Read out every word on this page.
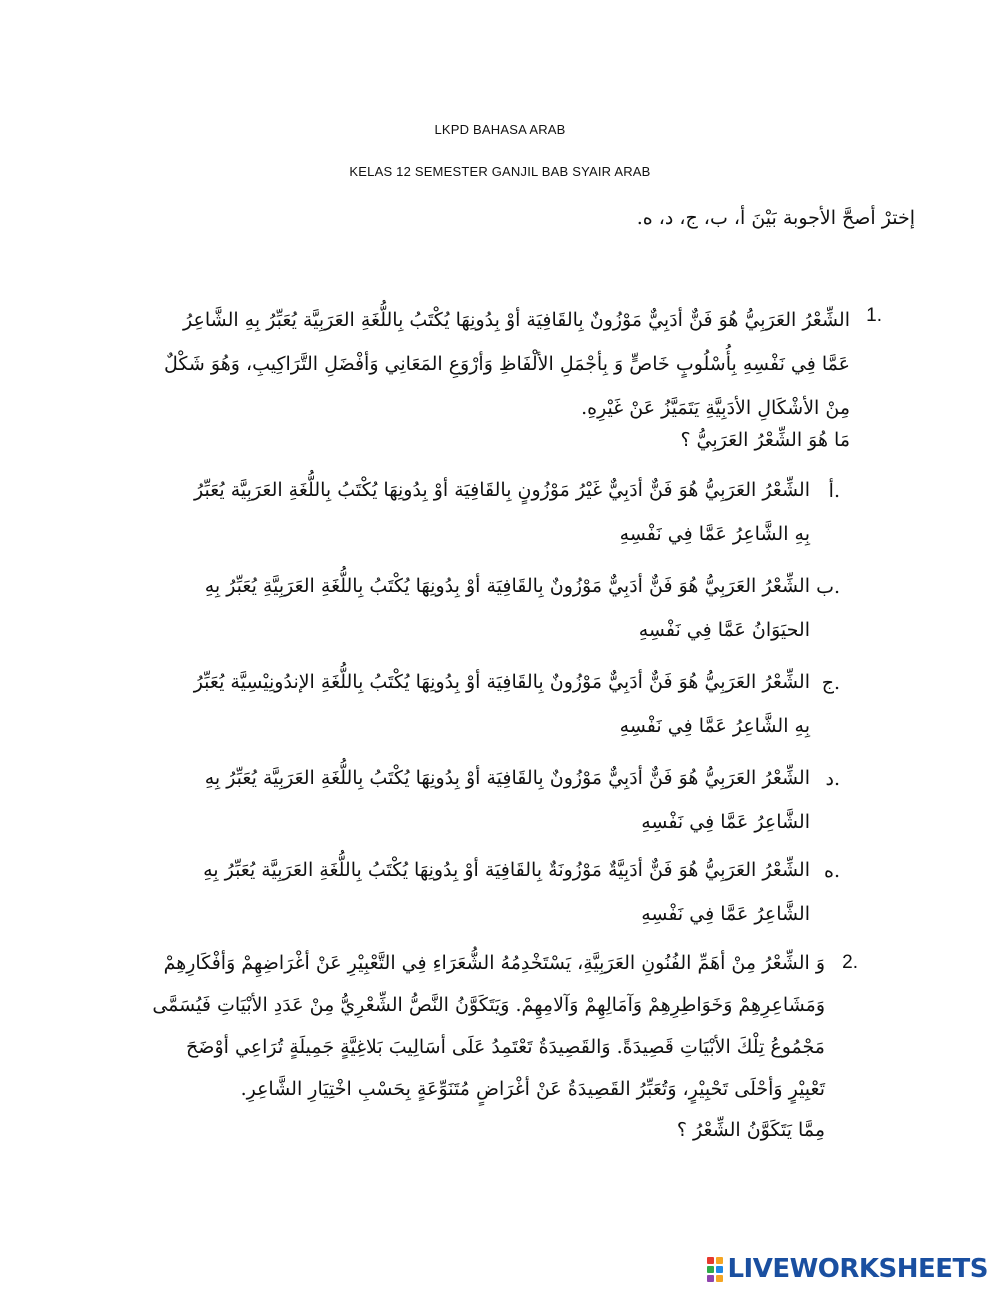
LKPD BAHASA ARAB
KELAS 12 SEMESTER GANJIL BAB SYAIR ARAB

إخترْ أصحَّ الأجوبة بَيْنَ أ، ب، ج، د، ه.

1.
الشِّعْرُ العَرَبِيُّ هُوَ فَنٌّ أدَبِيٌّ مَوْزُونٌ بِالقَافِيَة أوْ بِدُونِهَا يُكْتَبُ بِاللُّغَةِ العَرَبِيَّة يُعَبِّرُ بِهِ الشَّاعِرُ
عَمَّا فِي نَفْسِهِ بِأُسْلُوبٍ خَاصٍّ وَ بِأجْمَلِ الألْفَاظِ وَأرْوَعِ المَعَانِي وَأفْضَلِ التَّرَاكِيبِ، وَهُوَ شَكْلٌ
مِنْ الأشْكَالِ الأدَبِيَّةِ يَتَمَيَّزُ عَنْ غَيْرِهِ.
مَا هُوَ الشِّعْرُ العَرَبِيُّ ؟
أ.
الشِّعْرُ العَرَبِيُّ هُوَ فَنٌّ أدَبِيٌّ غَيْرُ مَوْزُونٍ بِالقَافِيَة أوْ بِدُونِهَا يُكْتَبُ بِاللُّغَةِ العَرَبِيَّة يُعَبِّرُ
بِهِ الشَّاعِرُ عَمَّا فِي نَفْسِهِ
ب.
الشِّعْرُ العَرَبِيُّ هُوَ فَنٌّ أدَبِيٌّ مَوْزُونٌ بِالقَافِيَة أوْ بِدُونِهَا يُكْتَبُ بِاللُّغَةِ العَرَبِيَّةِ يُعَبِّرُ بِهِ
الحيَوَانُ عَمَّا فِي نَفْسِهِ
ج.
الشِّعْرُ العَرَبِيُّ هُوَ فَنٌّ أدَبِيٌّ مَوْزُونٌ بِالقَافِيَة أوْ بِدُونِهَا يُكْتَبُ بِاللُّغَةِ الإندُونِيْسِيَّة يُعَبِّرُ
بِهِ الشَّاعِرُ عَمَّا فِي نَفْسِهِ
د.
الشِّعْرُ العَرَبِيُّ هُوَ فَنٌّ أدَبِيٌّ مَوْزُونٌ بِالقَافِيَة أوْ بِدُونِهَا يُكْتَبُ بِاللُّغَةِ العَرَبِيَّة يُعَبِّرُ بِهِ
الشَّاعِرُ عَمَّا فِي نَفْسِهِ
ه.
الشِّعْرُ العَرَبِيُّ هُوَ فَنٌّ أدَبِيَّةٌ مَوْزُونَةٌ بِالقَافِيَة أوْ بِدُونِهَا يُكْتَبُ بِاللُّغَةِ العَرَبِيَّة يُعَبِّرُ بِهِ
الشَّاعِرُ عَمَّا فِي نَفْسِهِ
2.
وَ الشِّعْرُ مِنْ أهَمِّ الفُنُونِ العَرَبِيَّةِ، يَسْتَخْدِمُهُ الشُّعَرَاءِ فِي التَّعْبِيْرِ عَنْ أغْرَاضِهِمْ وَأفْكَارِهِمْ
وَمَشَاعِرِهِمْ وَخَوَاطِرِهِمْ وَآمَالِهِمْ وَآلامِهِمْ. وَيَتَكَوَّنُ النَّصُّ الشِّعْرِيُّ مِنْ عَدَدِ الأبْيَاتِ فَيُسَمَّى
مَجْمُوعُ تِلْكَ الأبْيَاتِ قَصِيدَةً. وَالقَصِيدَةُ تَعْتَمِدُ عَلَى أسَالِيبَ بَلاغِيَّةٍ جَمِيلَةٍ تُرَاعِي أوْضَحَ
تَعْبِيْرٍ وَأحْلَى تَحْبِيْرٍ، وَتُعَبِّرُ القَصِيدَةُ عَنْ أغْرَاضٍ مُتَنَوِّعَةٍ بِحَسْبِ اخْتِيَارِ الشَّاعِرِ.
مِمَّا يَتَكَوَّنُ الشِّعْرُ ؟
LIVEWORKSHEETS
